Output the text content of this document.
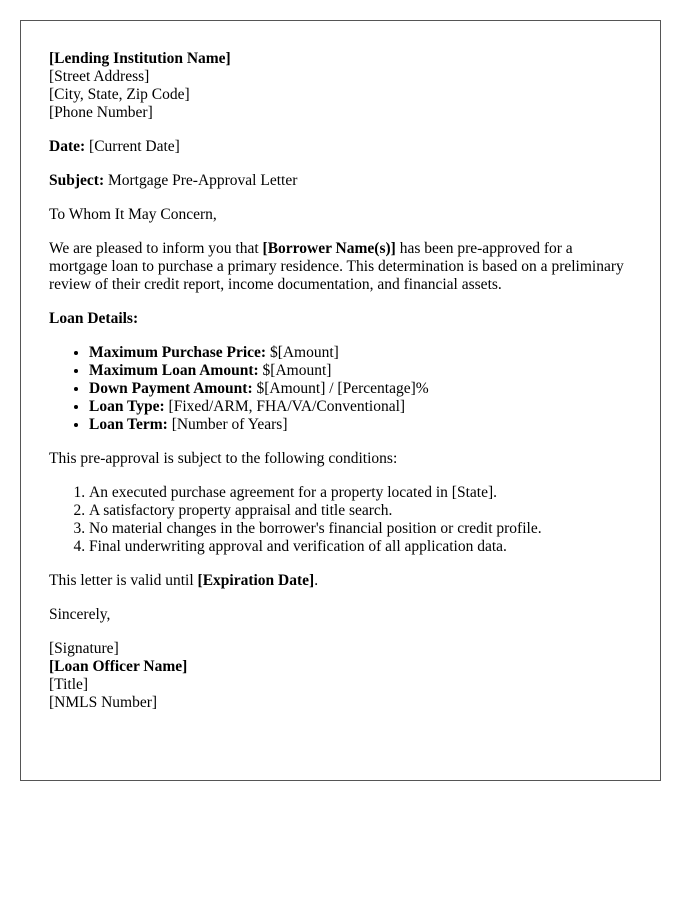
[Lending Institution Name]
[Street Address]
[City, State, Zip Code]
[Phone Number]

Date: [Current Date]

Subject: Mortgage Pre-Approval Letter

To Whom It May Concern,

We are pleased to inform you that [Borrower Name(s)] has been pre-approved for a mortgage loan to purchase a primary residence. This determination is based on a preliminary review of their credit report, income documentation, and financial assets.

Loan Details:

• Maximum Purchase Price: $[Amount]
• Maximum Loan Amount: $[Amount]
• Down Payment Amount: $[Amount] / [Percentage]%
• Loan Type: [Fixed/ARM, FHA/VA/Conventional]
• Loan Term: [Number of Years]

This pre-approval is subject to the following conditions:

1. An executed purchase agreement for a property located in [State].
2. A satisfactory property appraisal and title search.
3. No material changes in the borrower's financial position or credit profile.
4. Final underwriting approval and verification of all application data.

This letter is valid until [Expiration Date].

Sincerely,

[Signature]
[Loan Officer Name]
[Title]
[NMLS Number]
